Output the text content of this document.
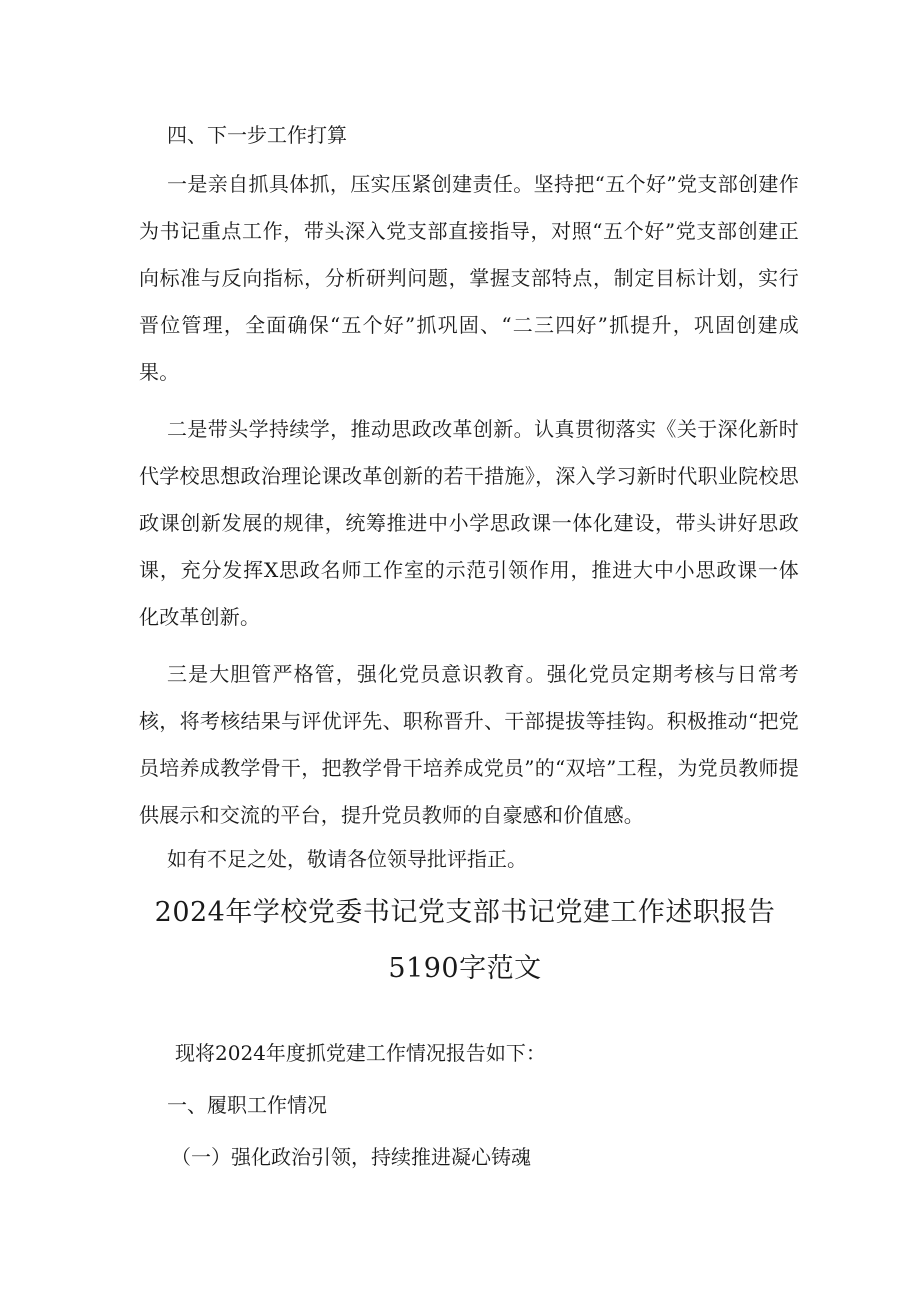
四、下一步工作打算

一是亲自抓具体抓，压实压紧创建责任。坚持把“五个好”党支部创建作为书记重点工作，带头深入党支部直接指导，对照“五个好”党支部创建正向标准与反向指标，分析研判问题，掌握支部特点，制定目标计划，实行晋位管理，全面确保“五个好”抓巩固、“二三四好”抓提升，巩固创建成果。

二是带头学持续学，推动思政改革创新。认真贯彻落实《关于深化新时代学校思想政治理论课改革创新的若干措施》，深入学习新时代职业院校思政课创新发展的规律，统筹推进中小学思政课一体化建设，带头讲好思政课，充分发挥X思政名师工作室的示范引领作用，推进大中小思政课一体化改革创新。

三是大胆管严格管，强化党员意识教育。强化党员定期考核与日常考核，将考核结果与评优评先、职称晋升、干部提拔等挂钩。积极推动“把党员培养成教学骨干，把教学骨干培养成党员”的“双培”工程，为党员教师提供展示和交流的平台，提升党员教师的自豪感和价值感。

如有不足之处，敬请各位领导批评指正。

2024年学校党委书记党支部书记党建工作述职报告
5190字范文

现将2024年度抓党建工作情况报告如下：

一、履职工作情况

（一）强化政治引领，持续推进凝心铸魂
